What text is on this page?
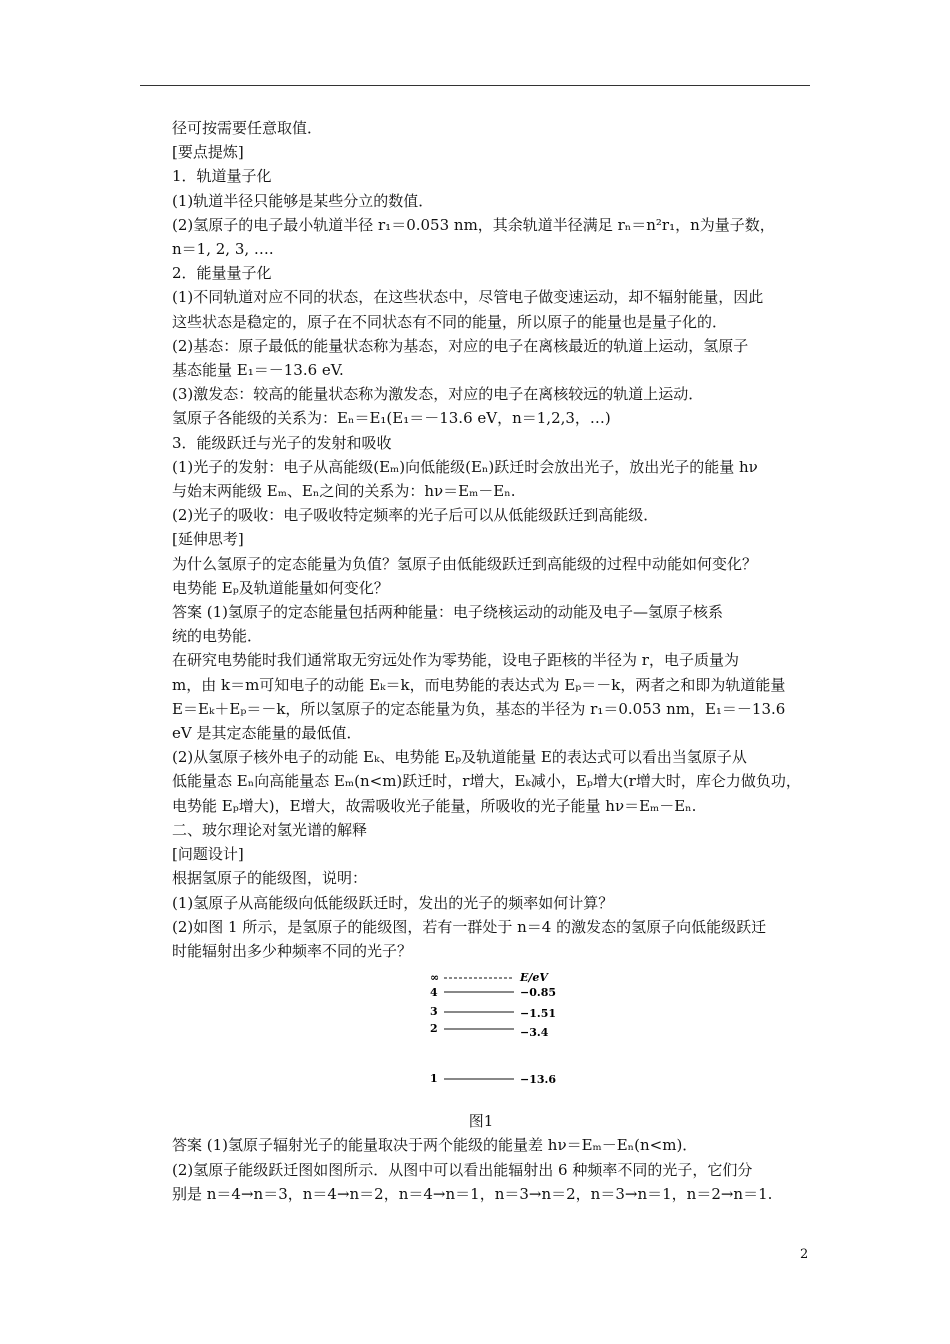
径可按需要任意取值．
[要点提炼]
1．轨道量子化
(1)轨道半径只能够是某些分立的数值．
(2)氢原子的电子最小轨道半径 r₁＝0.053 nm，其余轨道半径满足 rₙ＝n²r₁，n为量子数，
n＝1, 2, 3, ….
2．能量量子化
(1)不同轨道对应不同的状态，在这些状态中，尽管电子做变速运动，却不辐射能量，因此
这些状态是稳定的，原子在不同状态有不同的能量，所以原子的能量也是量子化的．
(2)基态：原子最低的能量状态称为基态，对应的电子在离核最近的轨道上运动，氢原子
基态能量 E₁＝－13.6 eV.
(3)激发态：较高的能量状态称为激发态，对应的电子在离核较远的轨道上运动．
氢原子各能级的关系为：Eₙ＝E₁(E₁＝－13.6 eV，n＝1,2,3，…)
3．能级跃迁与光子的发射和吸收
(1)光子的发射：电子从高能级(Eₘ)向低能级(Eₙ)跃迁时会放出光子，放出光子的能量 hν
与始末两能级 Eₘ、Eₙ之间的关系为：hν＝Eₘ－Eₙ.
(2)光子的吸收：电子吸收特定频率的光子后可以从低能级跃迁到高能级．
[延伸思考]
为什么氢原子的定态能量为负值？氢原子由低能级跃迁到高能级的过程中动能如何变化？
电势能 Eₚ及轨道能量如何变化？
答案 (1)氢原子的定态能量包括两种能量：电子绕核运动的动能及电子—氢原子核系
统的电势能．
在研究电势能时我们通常取无穷远处作为零势能，设电子距核的半径为 r，电子质量为
m，由 k＝m可知电子的动能 Eₖ＝k，而电势能的表达式为 Eₚ＝－k，两者之和即为轨道能量
E＝Eₖ＋Eₚ＝－k，所以氢原子的定态能量为负，基态的半径为 r₁＝0.053 nm，E₁＝－13.6
eV 是其定态能量的最低值．
(2)从氢原子核外电子的动能 Eₖ、电势能 Eₚ及轨道能量 E的表达式可以看出当氢原子从
低能量态 Eₙ向高能量态 Eₘ(n<m)跃迁时，r增大，Eₖ减小，Eₚ增大(r增大时，库仑力做负功，
电势能 Eₚ增大)，E增大，故需吸收光子能量，所吸收的光子能量 hν＝Eₘ－Eₙ.
二、玻尔理论对氢光谱的解释
[问题设计]
根据氢原子的能级图，说明：
(1)氢原子从高能级向低能级跃迁时，发出的光子的频率如何计算？
(2)如图 1 所示，是氢原子的能级图，若有一群处于 n＝4 的激发态的氢原子向低能级跃迁
时能辐射出多少种频率不同的光子？
∞	E/eV
4	−0.85
3	−1.51
2	−3.4
1	−13.6
图1
答案 (1)氢原子辐射光子的能量取决于两个能级的能量差 hν＝Eₘ－Eₙ(n<m)．
(2)氢原子能级跃迁图如图所示．从图中可以看出能辐射出 6 种频率不同的光子，它们分
别是 n＝4→n＝3，n＝4→n＝2，n＝4→n＝1，n＝3→n＝2，n＝3→n＝1，n＝2→n＝1.
2
